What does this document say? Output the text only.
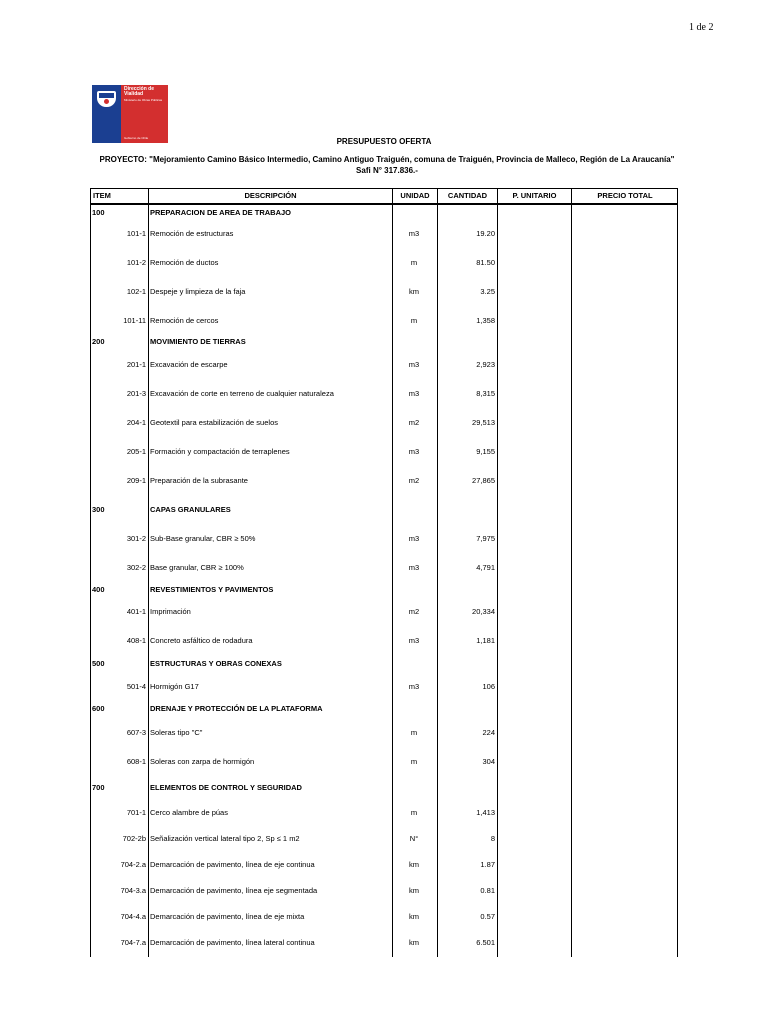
1 de 2
Dirección de Vialidad
Ministerio de Obras Públicas
Gobierno de Chile	PRESUPUESTO OFERTA
PROYECTO: "Mejoramiento Camino Básico Intermedio, Camino Antiguo Traiguén, comuna de Traiguén, Provincia de Malleco, Región de La Araucanía" Safi N° 317.836.-
ITEM	DESCRIPCIÓN	UNIDAD	CANTIDAD	P. UNITARIO	PRECIO TOTAL
100	PREPARACION DE AREA DE TRABAJO
101-1 Remoción de estructuras	m3	19.20
101-2 Remoción de ductos	m	81.50
102-1 Despeje y limpieza de la faja	km	3.25
101-11 Remoción de cercos	m	1,358
200	MOVIMIENTO DE TIERRAS
201-1 Excavación de escarpe	m3	2,923
201-3 Excavación de corte en terreno de cualquier naturaleza	m3	8,315
204-1 Geotextil para estabilización de suelos	m2	29,513
205-1 Formación y compactación de terraplenes	m3	9,155
209-1 Preparación de la subrasante	m2	27,865
300	CAPAS GRANULARES
301-2 Sub-Base granular, CBR ≥ 50%	m3	7,975
302-2 Base granular, CBR ≥ 100%	m3	4,791
400	REVESTIMIENTOS Y PAVIMENTOS
401-1 Imprimación	m2	20,334
408-1 Concreto asfáltico de rodadura	m3	1,181
500	ESTRUCTURAS Y OBRAS CONEXAS
501-4 Hormigón G17	m3	106
600	DRENAJE Y PROTECCIÓN DE LA PLATAFORMA
607-3 Soleras tipo "C"	m	224
608-1 Soleras con zarpa de hormigón	m	304
700	ELEMENTOS DE CONTROL Y SEGURIDAD
701-1 Cerco alambre de púas	m	1,413
702-2b Señalización vertical lateral tipo 2, Sp ≤ 1 m2	N°	8
704-2.a Demarcación de pavimento, línea de eje continua	km	1.87
704-3.a Demarcación de pavimento, línea eje segmentada	km	0.81
704-4.a Demarcación de pavimento, línea de eje mixta	km	0.57
704-7.a Demarcación de pavimento, línea lateral continua	km	6.501
